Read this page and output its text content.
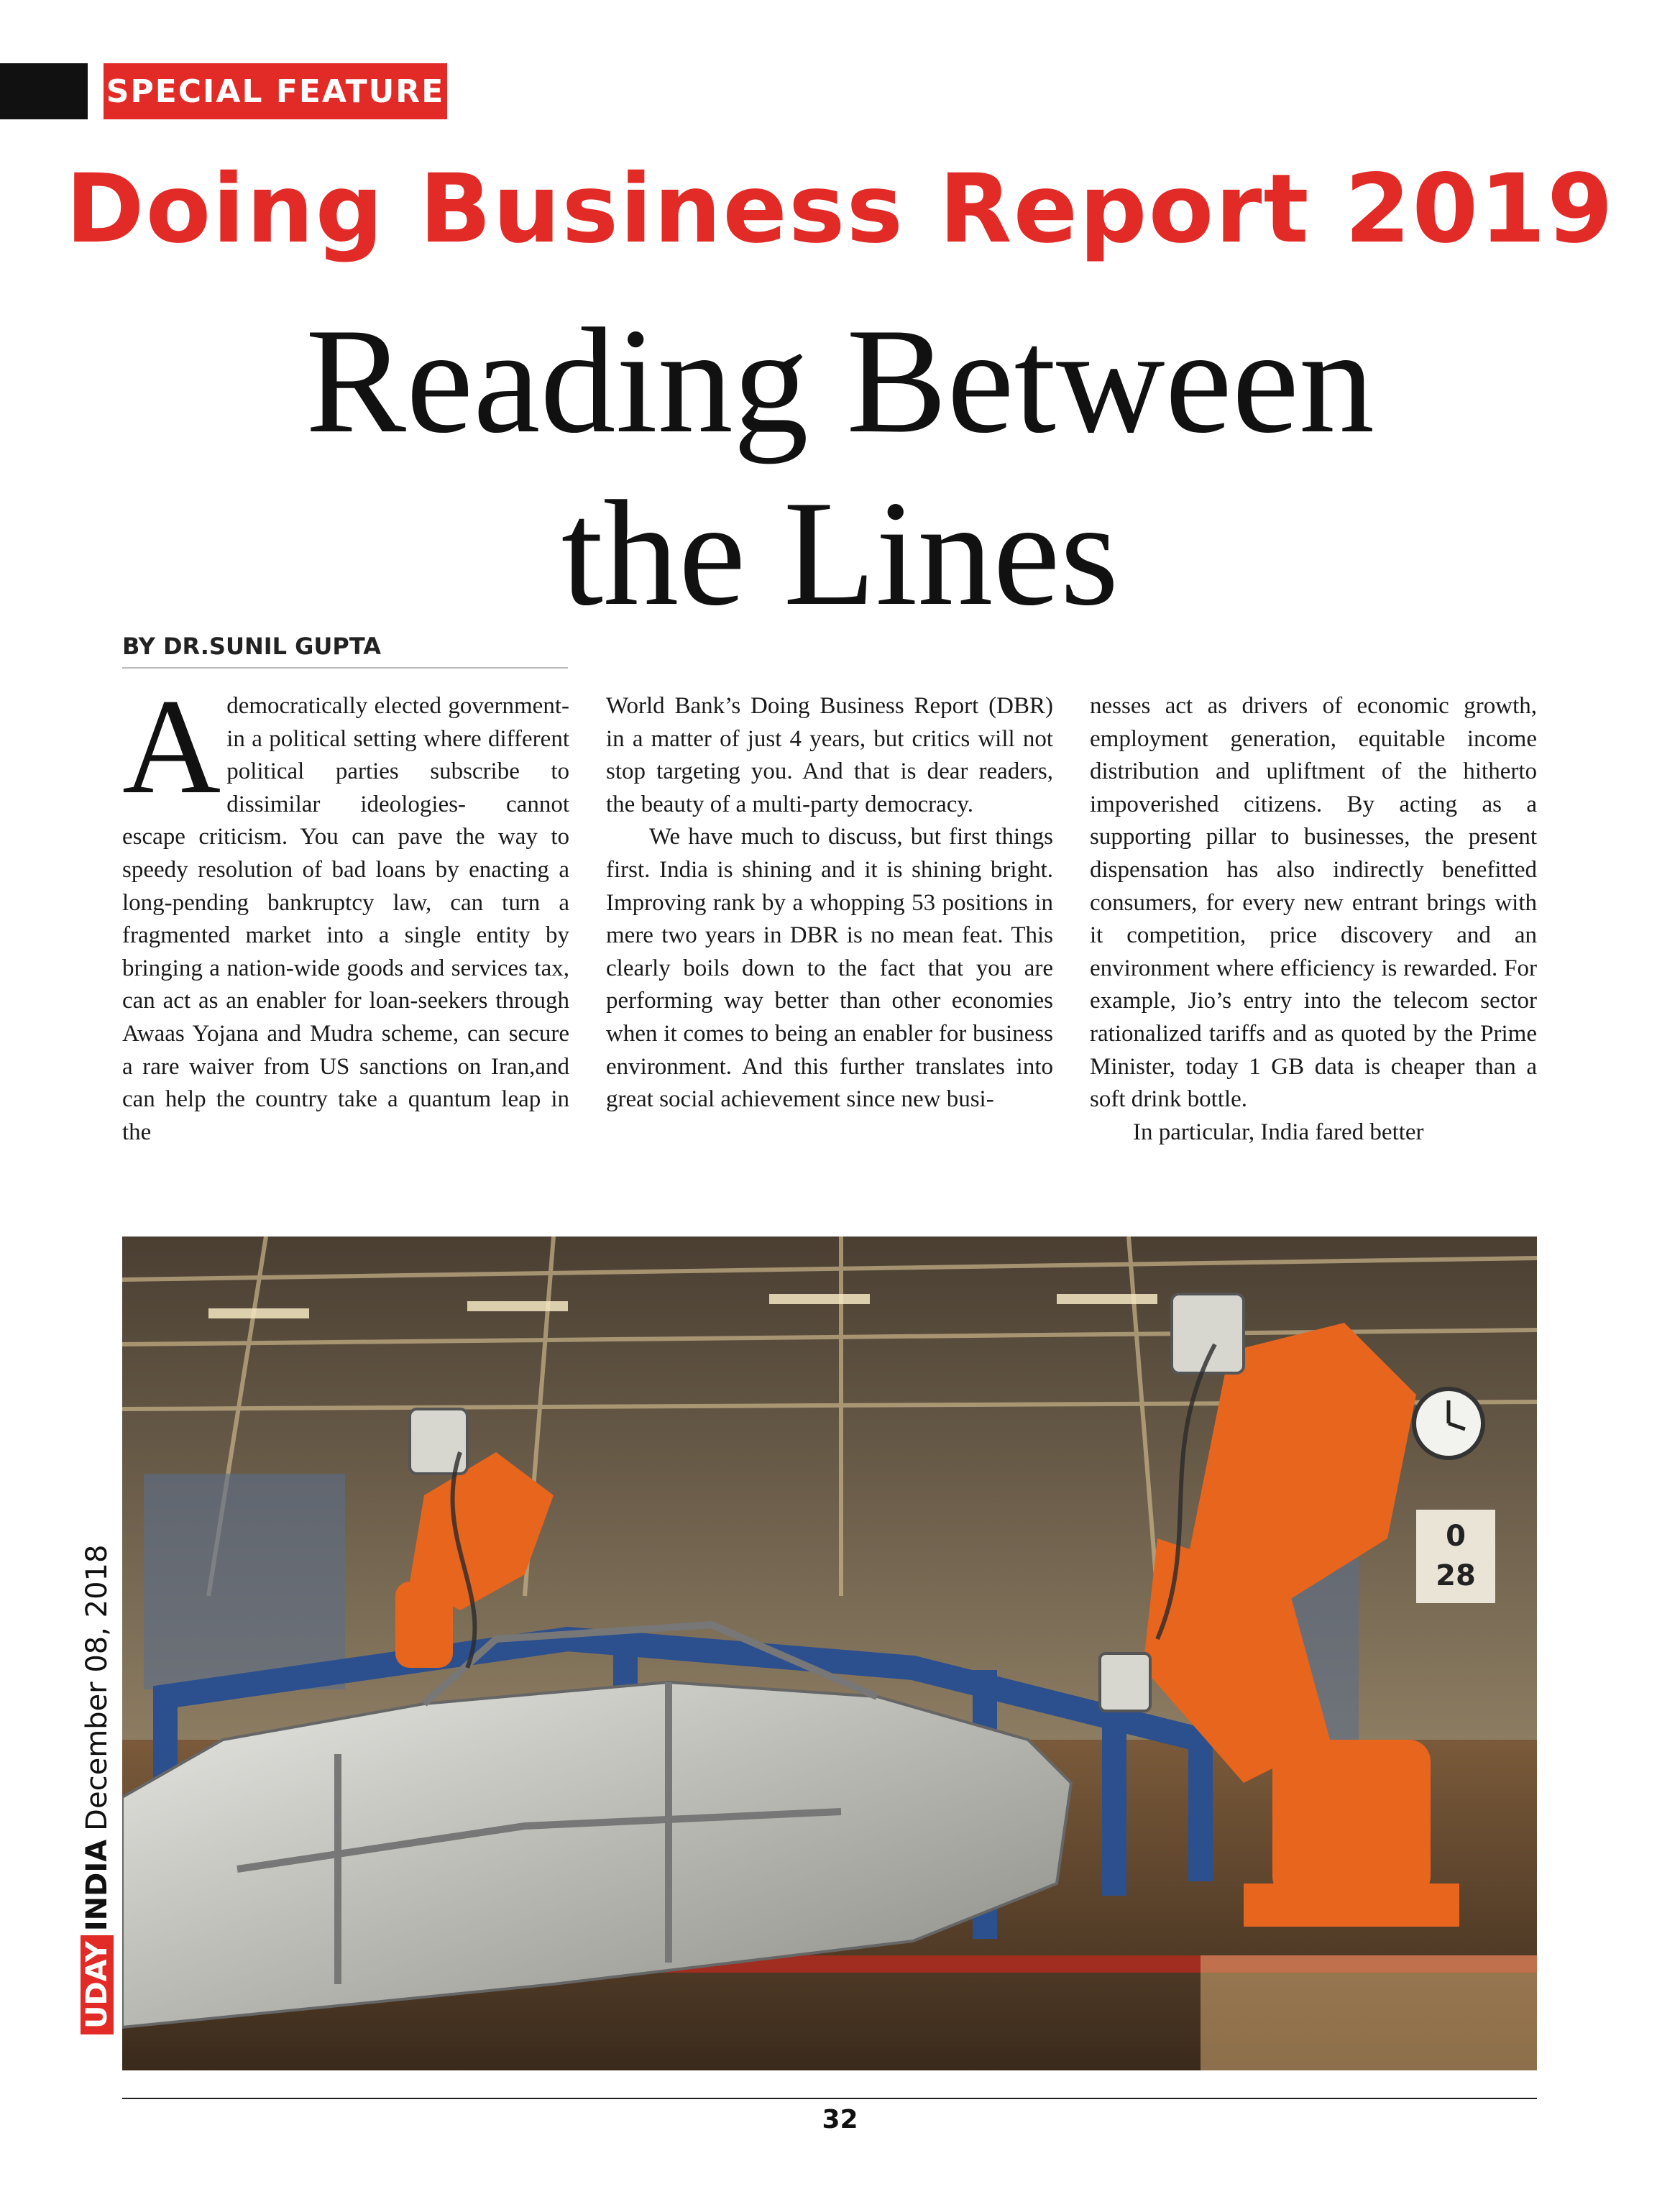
SPECIAL FEATURE
Doing Business Report 2019
Reading Between
the Lines
BY DR.SUNIL GUPTA

A democratically elected government- in a political setting where different political parties subscribe to dissimilar ideologies- cannot escape criticism. You can pave the way to speedy resolution of bad loans by enacting a long-pending bankruptcy law, can turn a fragmented market into a single entity by bringing a nation-wide goods and services tax, can act as an enabler for loan-seekers through Awaas Yojana and Mudra scheme, can secure a rare waiver from US sanctions on Iran,and can help the country take a quantum leap in the

World Bank’s Doing Business Report (DBR) in a matter of just 4 years, but critics will not stop targeting you. And that is dear readers, the beauty of a multi-party democracy.

We have much to discuss, but first things first. India is shining and it is shining bright. Improving rank by a whopping 53 positions in mere two years in DBR is no mean feat. This clearly boils down to the fact that you are performing way better than other economies when it comes to being an enabler for business environment. And this further translates into great social achievement since new busi-

nesses act as drivers of economic growth, employment generation, equitable income distribution and upliftment of the hitherto impoverished citizens. By acting as a supporting pillar to businesses, the present dispensation has also indirectly benefitted consumers, for every new entrant brings with it competition, price discovery and an environment where efficiency is rewarded. For example, Jio’s entry into the telecom sector rationalized tariffs and as quoted by the Prime Minister, today 1 GB data is cheaper than a soft drink bottle.

In particular, India fared better

0
28
UDAY
INDIA
December 08, 2018
32
